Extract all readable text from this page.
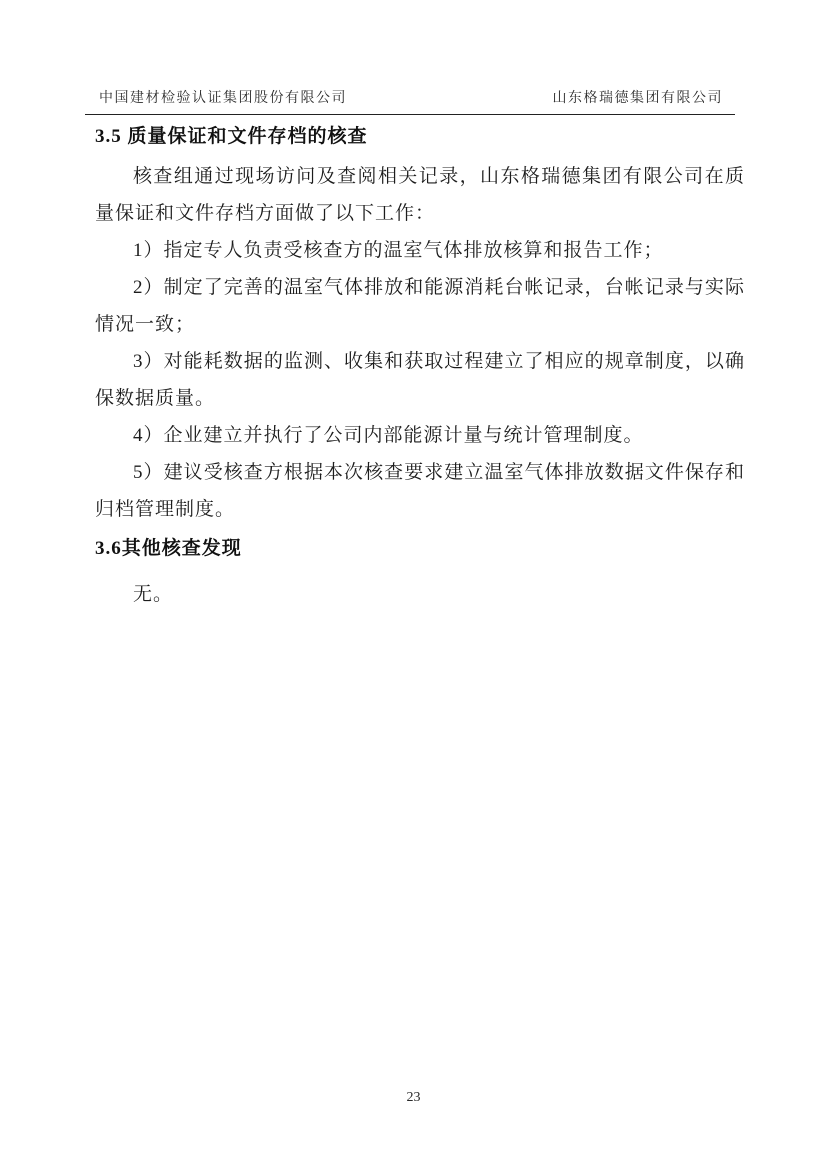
中国建材检验认证集团股份有限公司	山东格瑞德集团有限公司
3.5 质量保证和文件存档的核查

核查组通过现场访问及查阅相关记录，山东格瑞德集团有限公司在质量保证和文件存档方面做了以下工作：

1）指定专人负责受核查方的温室气体排放核算和报告工作；

2）制定了完善的温室气体排放和能源消耗台帐记录，台帐记录与实际情况一致；

3）对能耗数据的监测、收集和获取过程建立了相应的规章制度，以确保数据质量。

4）企业建立并执行了公司内部能源计量与统计管理制度。

5）建议受核查方根据本次核查要求建立温室气体排放数据文件保存和归档管理制度。

3.6其他核查发现

无。

23
